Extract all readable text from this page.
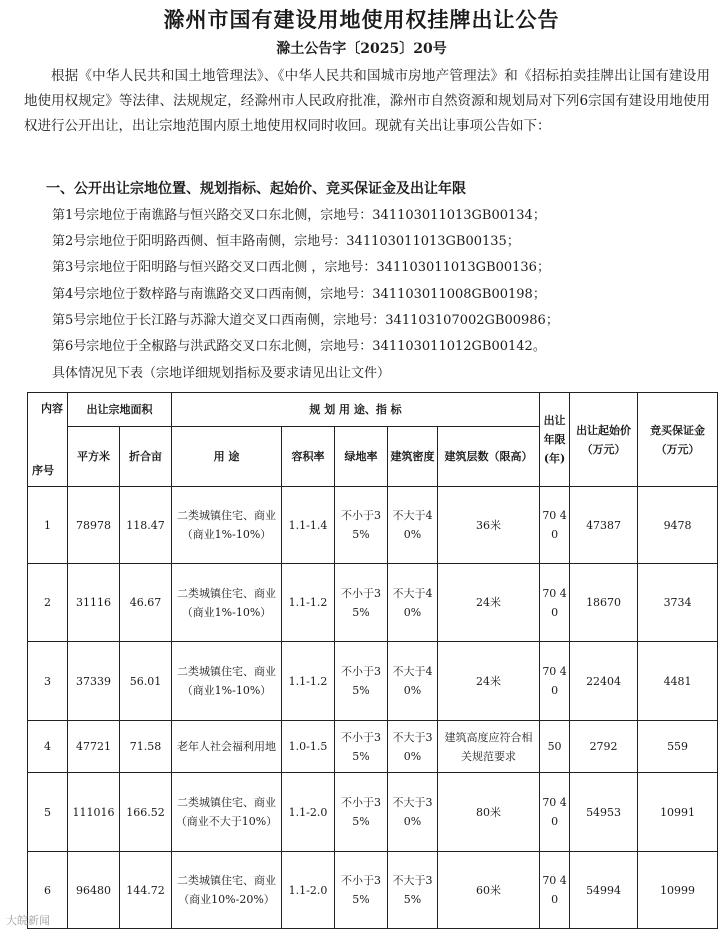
滁州市国有建设用地使用权挂牌出让公告
滁土公告字〔2025〕20号

根据《中华人民共和国土地管理法》、《中华人民共和国城市房地产管理法》和《招标拍卖挂牌出让国有建设用地使用权规定》等法律、法规规定，经滁州市人民政府批准，滁州市自然资源和规划局对下列6宗国有建设用地使用权进行公开出让，出让宗地范围内原土地使用权同时收回。现就有关出让事项公告如下：

一、公开出让宗地位置、规划指标、起始价、竞买保证金及出让年限
第1号宗地位于南谯路与恒兴路交叉口东北侧，宗地号：341103011013GB00134；
第2号宗地位于阳明路西侧、恒丰路南侧，宗地号：341103011013GB00135；
第3号宗地位于阳明路与恒兴路交叉口西北侧 ，宗地号：341103011013GB00136；
第4号宗地位于数梓路与南谯路交叉口西南侧，宗地号：341103011008GB00198；
第5号宗地位于长江路与苏滁大道交叉口西南侧，宗地号：341103107002GB00986；
第6号宗地位于全椒路与洪武路交叉口东北侧，宗地号：341103011012GB00142。
具体情况见下表（宗地详细规划指标及要求请见出让文件）
内容
序号	出让宗地面积		规 划 用 途、指 标					出让年限(年)	出让起始价（万元）	竞买保证金（万元）
	平方米	折合亩	用 途	容积率	绿地率	建筑密度	建筑层数（限高）			
1	78978	118.47	二类城镇住宅、商业（商业1%-10%）	1.1-1.4	不小于35%	不大于40%	36米	70 40	47387	9478
2	31116	46.67	二类城镇住宅、商业（商业1%-10%）	1.1-1.2	不小于35%	不大于40%	24米	70 40	18670	3734
3	37339	56.01	二类城镇住宅、商业（商业1%-10%）	1.1-1.2	不小于35%	不大于40%	24米	70 40	22404	4481
4	47721	71.58	老年人社会福利用地	1.0-1.5	不小于35%	不大于30%	建筑高度应符合相关规范要求	50	2792	559
5	111016	166.52	二类城镇住宅、商业（商业不大于10%）	1.1-2.0	不小于35%	不大于30%	80米	70 40	54953	10991
6	96480	144.72	二类城镇住宅、商业（商业10%-20%）	1.1-2.0	不小于35%	不大于35%	60米	70 40	54994	10999
大皖新闻
